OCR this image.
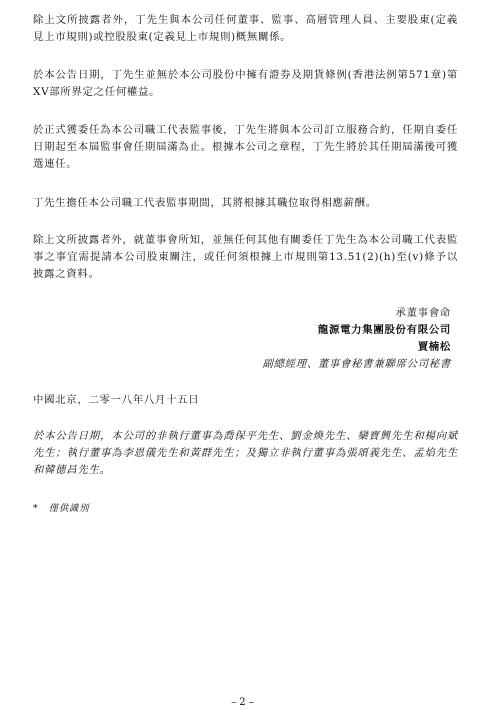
除上文所披露者外，丁先生與本公司任何董事、監事、高層管理人員、主要股東(定義見上市規則)或控股股東(定義見上市規則)概無關係。

於本公告日期，丁先生並無於本公司股份中擁有證券及期貨條例(香港法例第571章)第XV部所界定之任何權益。

於正式獲委任為本公司職工代表監事後，丁先生將與本公司訂立服務合約，任期自委任日期起至本屆監事會任期屆滿為止。根據本公司之章程，丁先生將於其任期屆滿後可獲選連任。

丁先生擔任本公司職工代表監事期間，其將根據其職位取得相應薪酬。

除上文所披露者外，就董事會所知，並無任何其他有關委任丁先生為本公司職工代表監事之事宜需提請本公司股東關注，或任何須根據上市規則第13.51(2)(h)至(v)條予以披露之資料。

承董事會命
龍源電力集團股份有限公司
賈楠松
副總經理、董事會秘書兼聯席公司秘書

中國北京，二零一八年八月十五日

於本公告日期，本公司的非執行董事為喬保平先生、劉金煥先生、欒寶興先生和楊向斌先生；執行董事為李恩儀先生和黃群先生；及獨立非執行董事為張頌義先生、孟焰先生和韓德昌先生。

*　僅供識別
– 2 –
